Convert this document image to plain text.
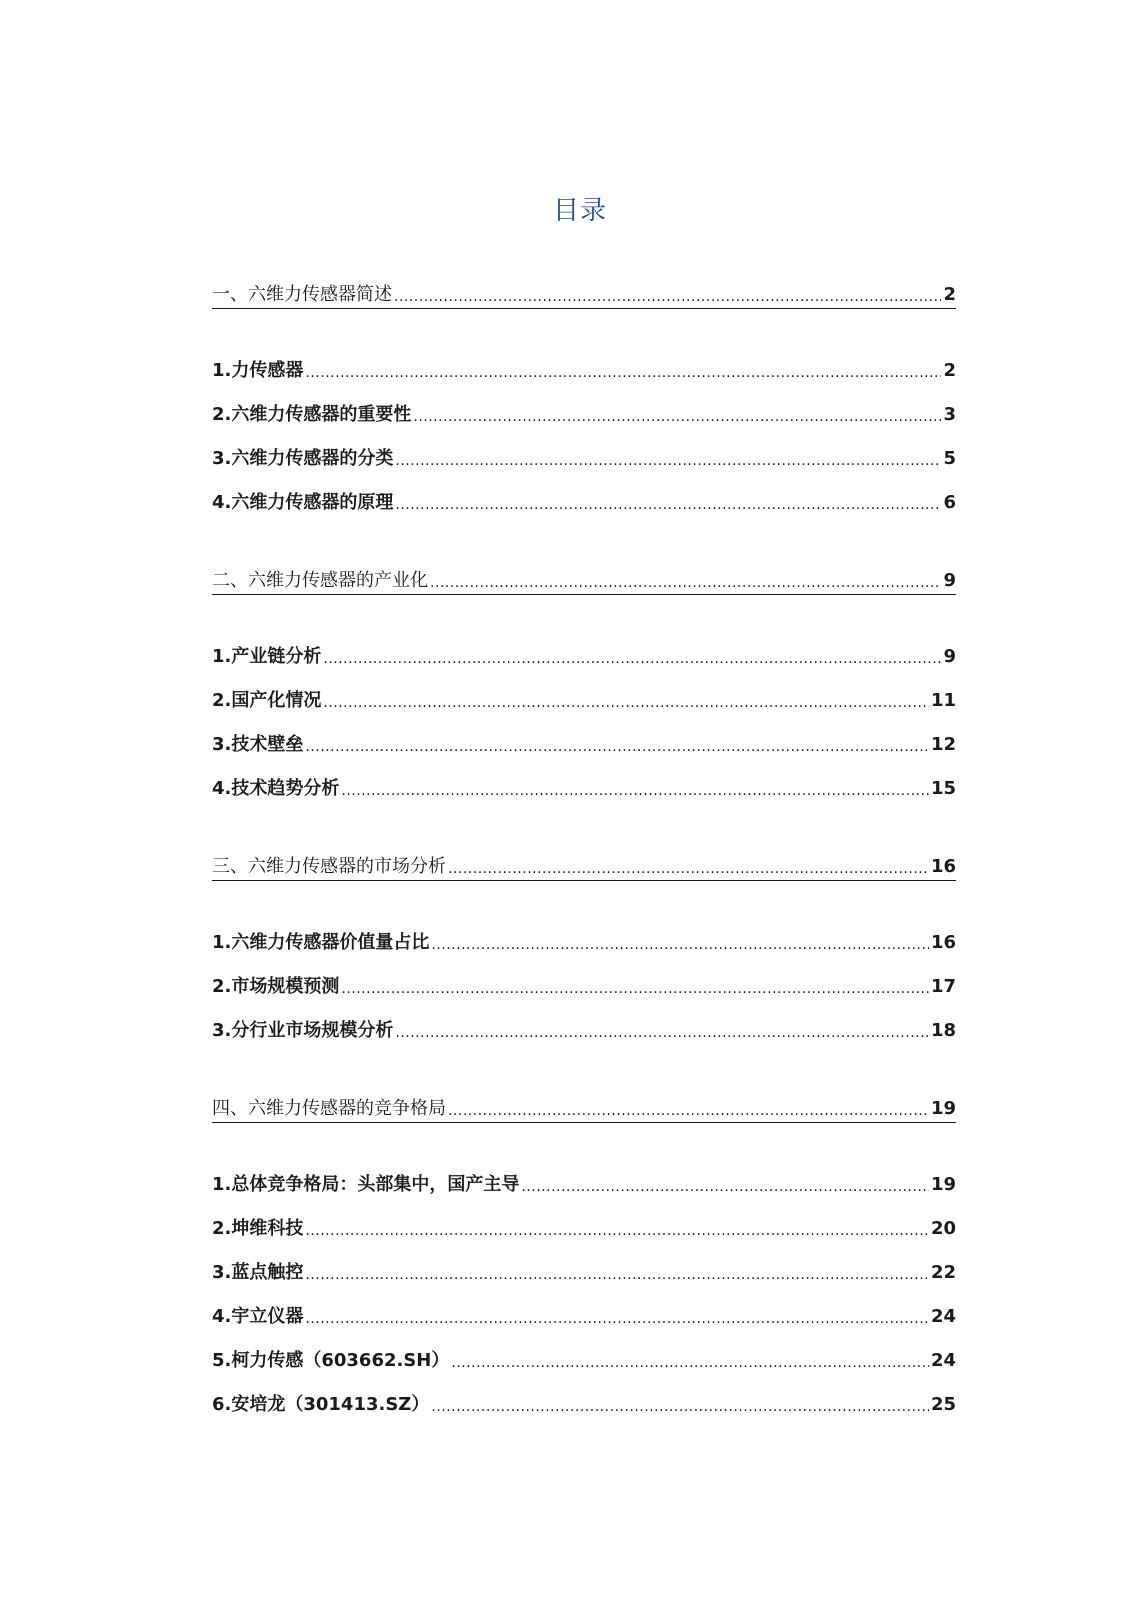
目录
一、六维力传感器简述 .....	2
1.力传感器 .....	2
2.六维力传感器的重要性 .....	3
3.六维力传感器的分类 .....	5
4.六维力传感器的原理 .....	6
二、六维力传感器的产业化 .....	9
1.产业链分析 .....	9
2.国产化情况 .....	11
3.技术壁垒 .....	12
4.技术趋势分析 .....	15
三、六维力传感器的市场分析 .....	16
1.六维力传感器价值量占比 .....	16
2.市场规模预测 .....	17
3.分行业市场规模分析 .....	18
四、六维力传感器的竞争格局 .....	19
1.总体竞争格局：头部集中，国产主导 .....	19
2.坤维科技 .....	20
3.蓝点触控 .....	22
4.宇立仪器 .....	24
5.柯力传感（603662.SH） .....	24
6.安培龙（301413.SZ） .....	25
